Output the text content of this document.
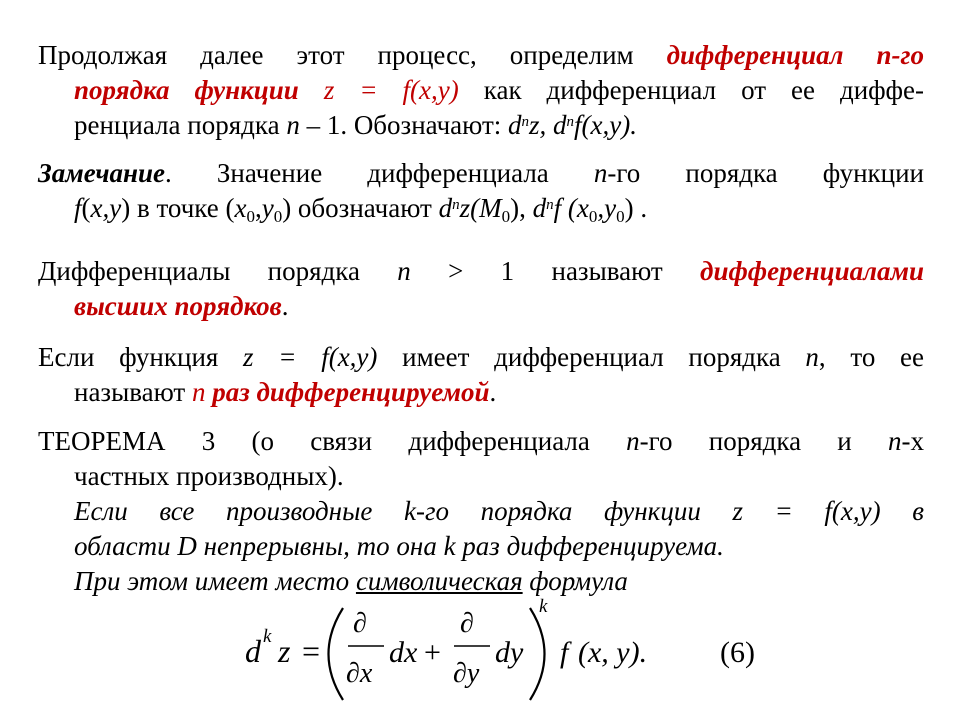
Продолжая далее этот процесс, определим дифференциал n-го
порядка функции z = f(x,y) как дифференциал от ее диффе-
ренциала порядка n – 1. Обозначают: $d^nz$, $d^nf(x,y)$.
Замечание. Значение дифференциала n-го порядка функции
f(x,y) в точке $(x_0,y_0)$ обозначают $d^nz(M_0)$, $d^nf$ $(x_0,y_0)$ .
Дифференциалы порядка n > 1 называют дифференциалами
высших порядков.
Если функция z = f(x,y) имеет дифференциал порядка n, то ее
называют n раз дифференцируемой.
ТЕОРЕМА 3 (о связи дифференциала n-го порядка и n-х
частных производных).
Если все производные k-го порядка функции z = f(x,y) в
области D непрерывны, то она k раз дифференцируема.
При этом имеет место символическая формула
d k z =
∂
∂x
dx +
∂
∂y
dy
k
f (x, y). (6)
